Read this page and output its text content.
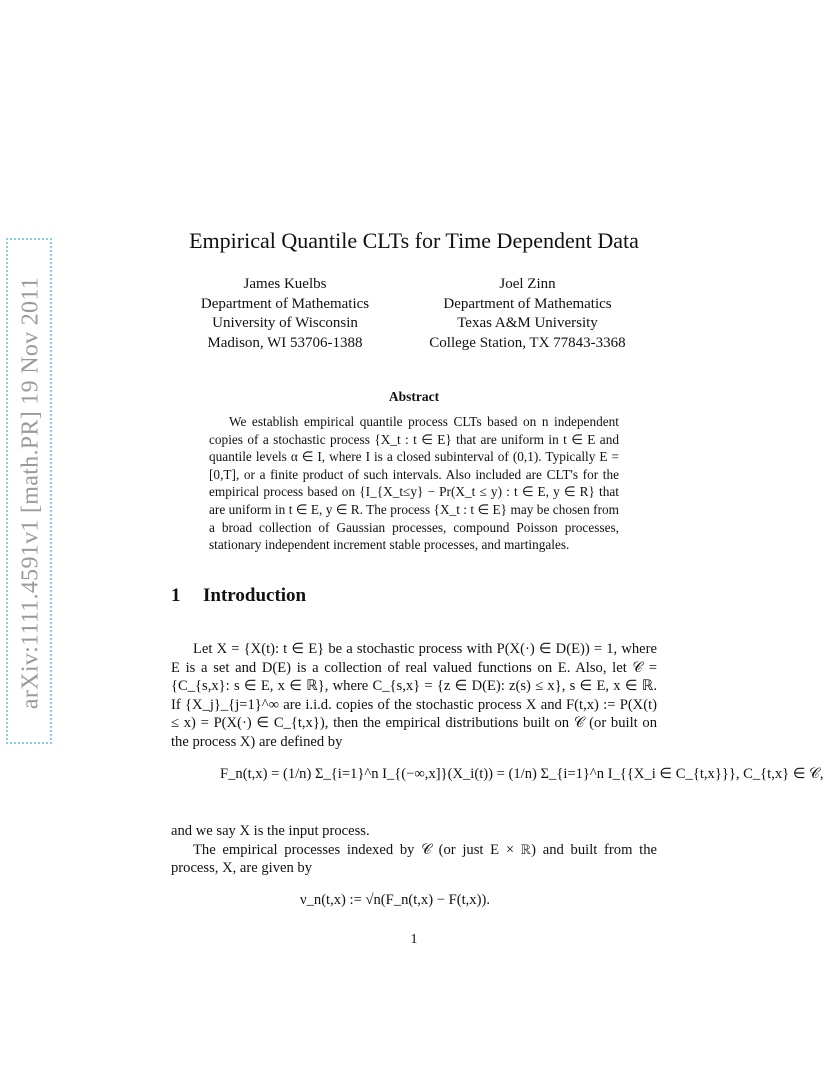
arXiv:1111.4591v1 [math.PR] 19 Nov 2011
Empirical Quantile CLTs for Time Dependent Data
James Kuelbs
Department of Mathematics
University of Wisconsin
Madison, WI 53706-1388
Joel Zinn
Department of Mathematics
Texas A&M University
College Station, TX 77843-3368
Abstract

We establish empirical quantile process CLTs based on n independent copies of a stochastic process {X_t : t ∈ E} that are uniform in t ∈ E and quantile levels α ∈ I, where I is a closed subinterval of (0,1). Typically E = [0,T], or a finite product of such intervals. Also included are CLT's for the empirical process based on {I_{X_t≤y} − Pr(X_t ≤ y) : t ∈ E, y ∈ R} that are uniform in t ∈ E, y ∈ R. The process {X_t : t ∈ E} may be chosen from a broad collection of Gaussian processes, compound Poisson processes, stationary independent increment stable processes, and martingales.

1 Introduction

Let X = {X(t): t ∈ E} be a stochastic process with P(X(·) ∈ D(E)) = 1, where E is a set and D(E) is a collection of real valued functions on E. Also, let 𝒞 = {C_{s,x}: s ∈ E, x ∈ ℝ}, where C_{s,x} = {z ∈ D(E): z(s) ≤ x}, s ∈ E, x ∈ ℝ. If {X_j}_{j=1}^∞ are i.i.d. copies of the stochastic process X and F(t,x) := P(X(t) ≤ x) = P(X(·) ∈ C_{t,x}), then the empirical distributions built on 𝒞 (or built on the process X) are defined by

F_n(t,x) = (1/n) Σ_{i=1}^n I_{(−∞,x]}(X_i(t)) = (1/n) Σ_{i=1}^n I_{{X_i ∈ C_{t,x}}}, C_{t,x} ∈ 𝒞,

and we say X is the input process.

The empirical processes indexed by 𝒞 (or just E × ℝ) and built from the process, X, are given by

ν_n(t,x) := √n(F_n(t,x) − F(t,x)).
1
